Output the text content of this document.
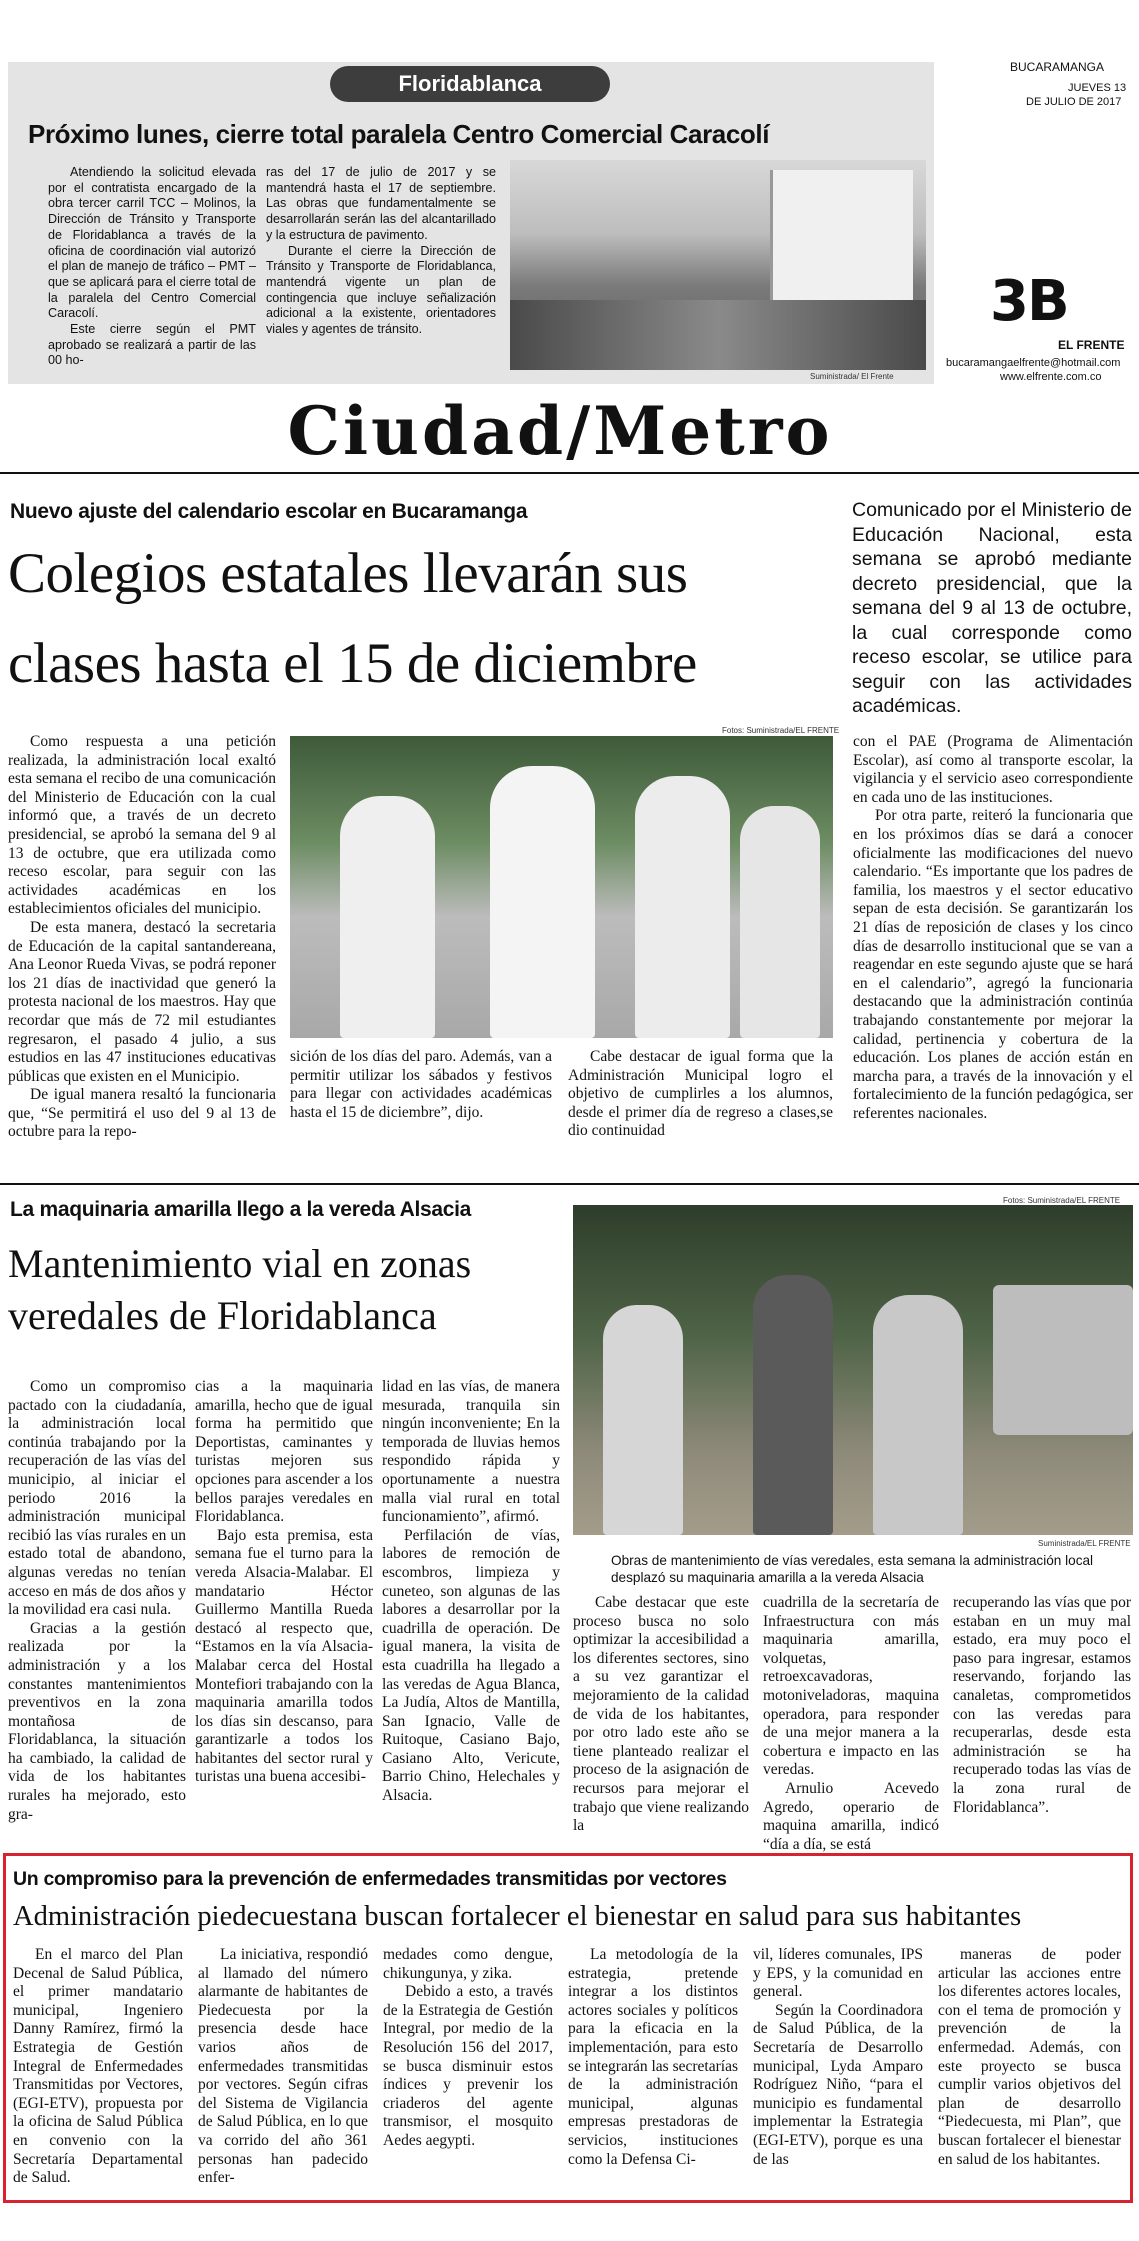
Floridablanca
Próximo lunes, cierre total paralela Centro Comercial Caracolí

Atendiendo la solicitud elevada por el contratista encargado de la obra tercer carril TCC – Molinos, la Dirección de Tránsito y Transporte de Floridablanca a través de la oficina de coordinación vial autorizó el plan de manejo de tráfico – PMT – que se aplicará para el cierre total de la paralela del Centro Comercial Caracolí.

Este cierre según el PMT aprobado se realizará a partir de las 00 ho-

ras del 17 de julio de 2017 y se mantendrá hasta el 17 de septiembre. Las obras que fundamentalmente se desarrollarán serán las del alcantarillado y la estructura de pavimento.

Durante el cierre la Dirección de Tránsito y Transporte de Floridablanca, mantendrá vigente un plan de contingencia que incluye señalización adicional a la existente, orientadores viales y agentes de tránsito.

Suministrada/ El Frente
BUCARAMANGA
JUEVES 13
DE JULIO DE 2017
3B
EL FRENTE
bucaramangaelfrente@hotmail.com
www.elfrente.com.co
Ciudad/Metro
Nuevo ajuste del calendario escolar en Bucaramanga
Colegios estatales llevarán sus
clases hasta el 15 de diciembre
Comunicado por el Ministerio de Educación Nacional, esta semana se aprobó mediante decreto presidencial, que la semana del 9 al 13 de octubre, la cual corresponde como receso escolar, se utilice para seguir con las actividades académicas.
Fotos: Suministrada/EL FRENTE

Como respuesta a una petición realizada, la administración local exaltó esta semana el recibo de una comunicación del Ministerio de Educación con la cual informó que, a través de un decreto presidencial, se aprobó la semana del 9 al 13 de octubre, que era utilizada como receso escolar, para seguir con las actividades académicas en los establecimientos oficiales del municipio.

De esta manera, destacó la secretaria de Educación de la capital santandereana, Ana Leonor Rueda Vivas, se podrá reponer los 21 días de inactividad que generó la protesta nacional de los maestros. Hay que recordar que más de 72 mil estudiantes regresaron, el pasado 4 julio, a sus estudios en las 47 instituciones educativas públicas que existen en el Municipio.

De igual manera resaltó la funcionaria que, “Se permitirá el uso del 9 al 13 de octubre para la repo-

sición de los días del paro. Además, van a permitir utilizar los sábados y festivos para llegar con actividades académicas hasta el 15 de diciembre”, dijo.

Cabe destacar de igual forma que la Administración Municipal logro el objetivo de cumplirles a los alumnos, desde el primer día de regreso a clases,se dio continuidad

con el PAE (Programa de Alimentación Escolar), así como al transporte escolar, la vigilancia y el servicio aseo correspondiente en cada uno de las instituciones.

Por otra parte, reiteró la funcionaria que en los próximos días se dará a conocer oficialmente las modificaciones del nuevo calendario. “Es importante que los padres de familia, los maestros y el sector educativo sepan de esta decisión. Se garantizarán los 21 días de reposición de clases y los cinco días de desarrollo institucional que se van a reagendar en este segundo ajuste que se hará en el calendario”, agregó la funcionaria destacando que la administración continúa trabajando constantemente por mejorar la calidad, pertinencia y cobertura de la educación. Los planes de acción están en marcha para, a través de la innovación y el fortalecimiento de la función pedagógica, ser referentes nacionales.

La maquinaria amarilla llego a la vereda Alsacia
Mantenimiento vial en zonas
veredales de Floridablanca
Fotos: Suministrada/EL FRENTE
Suministrada/EL FRENTE
Obras de mantenimiento de vías veredales, esta semana la administración local desplazó su maquinaria amarilla a la vereda Alsacia

Como un compromiso pactado con la ciudadanía, la administración local continúa trabajando por la recuperación de las vías del municipio, al iniciar el periodo 2016 la administración municipal recibió las vías rurales en un estado total de abandono, algunas veredas no tenían acceso en más de dos años y la movilidad era casi nula.

Gracias a la gestión realizada por la administración y a los constantes mantenimientos preventivos en la zona montañosa de Floridablanca, la situación ha cambiado, la calidad de vida de los habitantes rurales ha mejorado, esto gra-

cias a la maquinaria amarilla, hecho que de igual forma ha permitido que Deportistas, caminantes y turistas mejoren sus opciones para ascender a los bellos parajes veredales en Floridablanca.

Bajo esta premisa, esta semana fue el turno para la vereda Alsacia-Malabar. El mandatario Héctor Guillermo Mantilla Rueda destacó al respecto que, “Estamos en la vía Alsacia- Malabar cerca del Hostal Montefiori trabajando con la maquinaria amarilla todos los días sin descanso, para garantizarle a todos los habitantes del sector rural y turistas una buena accesibi-

lidad en las vías, de manera mesurada, tranquila sin ningún inconveniente; En la temporada de lluvias hemos respondido rápida y oportunamente a nuestra malla vial rural en total funcionamiento”, afirmó.

Perfilación de vías, labores de remoción de escombros, limpieza y cuneteo, son algunas de las labores a desarrollar por la cuadrilla de operación. De igual manera, la visita de esta cuadrilla ha llegado a las veredas de Agua Blanca, La Judía, Altos de Mantilla, San Ignacio, Valle de Ruitoque, Casiano Bajo, Casiano Alto, Vericute, Barrio Chino, Helechales y Alsacia.

Cabe destacar que este proceso busca no solo optimizar la accesibilidad a los diferentes sectores, sino a su vez garantizar el mejoramiento de la calidad de vida de los habitantes, por otro lado este año se tiene planteado realizar el proceso de la asignación de recursos para mejorar el trabajo que viene realizando la

cuadrilla de la secretaría de Infraestructura con más maquinaria amarilla, volquetas, retroexcavadoras, motoniveladoras, maquina operadora, para responder de una mejor manera a la cobertura e impacto en las veredas.

Arnulio Acevedo Agredo, operario de maquina amarilla, indicó “día a día, se está

recuperando las vías que por estaban en un muy mal estado, era muy poco el paso para ingresar, estamos reservando, forjando las canaletas, comprometidos con las veredas para recuperarlas, desde esta administración se ha recuperado todas las vías de la zona rural de Floridablanca”.

Un compromiso para la prevención de enfermedades transmitidas por vectores
Administración piedecuestana buscan fortalecer el bienestar en salud para sus habitantes

En el marco del Plan Decenal de Salud Pública, el primer mandatario municipal, Ingeniero Danny Ramírez, firmó la Estrategia de Gestión Integral de Enfermedades Transmitidas por Vectores, (EGI-ETV), propuesta por la oficina de Salud Pública en convenio con la Secretaría Departamental de Salud.

La iniciativa, respondió al llamado del número alarmante de habitantes de Piedecuesta por la presencia desde hace varios años de enfermedades transmitidas por vectores. Según cifras del Sistema de Vigilancia de Salud Pública, en lo que va corrido del año 361 personas han padecido enfer-

medades como dengue, chikungunya, y zika.

Debido a esto, a través de la Estrategia de Gestión Integral, por medio de la Resolución 156 del 2017, se busca disminuir estos índices y prevenir los criaderos del agente transmisor, el mosquito Aedes aegypti.

La metodología de la estrategia, pretende integrar a los distintos actores sociales y políticos para la eficacia en la implementación, para esto se integrarán las secretarías de la administración municipal, algunas empresas prestadoras de servicios, instituciones como la Defensa Ci-

vil, líderes comunales, IPS y EPS, y la comunidad en general.

Según la Coordinadora de Salud Pública, de la Secretaría de Desarrollo municipal, Lyda Amparo Rodríguez Niño, “para el municipio es fundamental implementar la Estrategia (EGI-ETV), porque es una de las

maneras de poder articular las acciones entre los diferentes actores locales, con el tema de promoción y prevención de la enfermedad. Además, con este proyecto se busca cumplir varios objetivos del plan de desarrollo “Piedecuesta, mi Plan”, que buscan fortalecer el bienestar en salud de los habitantes.
